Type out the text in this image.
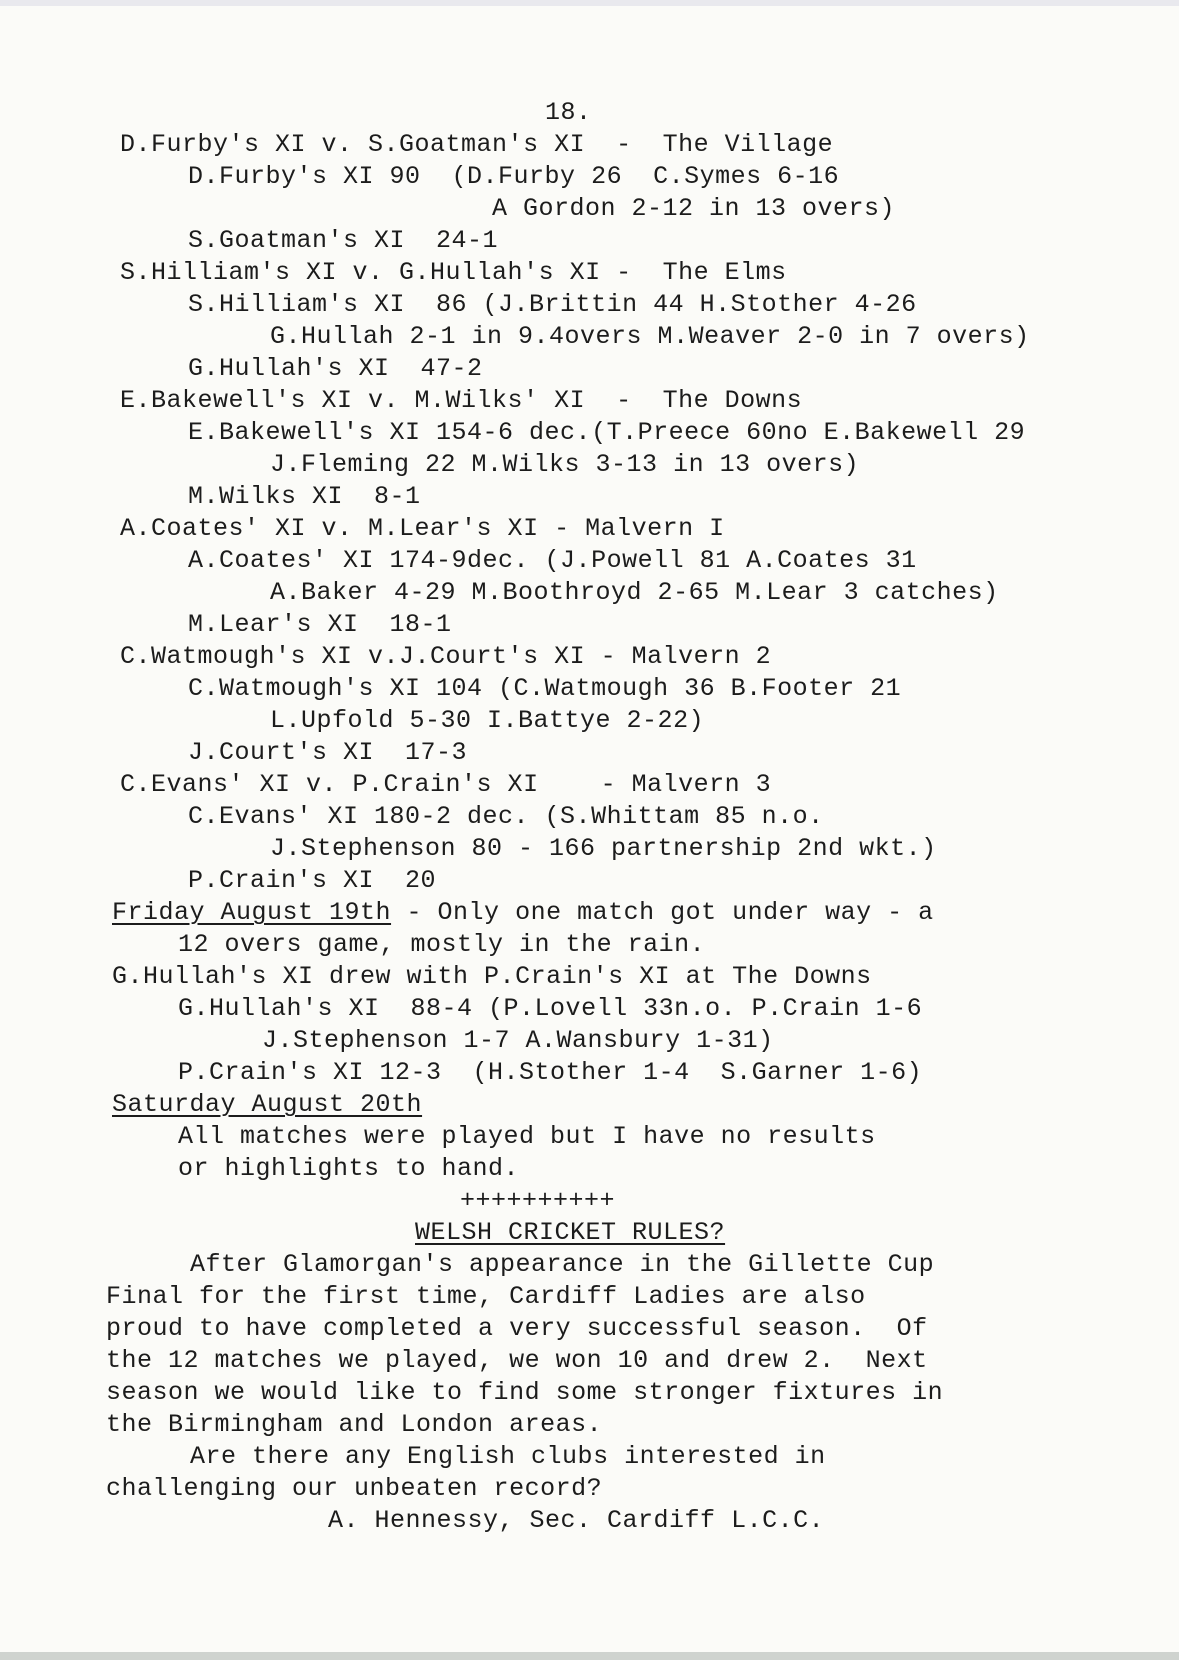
18.
D.Furby's XI v. S.Goatman's XI  -  The Village
D.Furby's XI 90  (D.Furby 26  C.Symes 6-16
A Gordon 2-12 in 13 overs)
S.Goatman's XI  24-1
S.Hilliam's XI v. G.Hullah's XI -  The Elms
S.Hilliam's XI  86 (J.Brittin 44 H.Stother 4-26
G.Hullah 2-1 in 9.4overs M.Weaver 2-0 in 7 overs)
G.Hullah's XI  47-2
E.Bakewell's XI v. M.Wilks' XI  -  The Downs
E.Bakewell's XI 154-6 dec.(T.Preece 60no E.Bakewell 29
J.Fleming 22 M.Wilks 3-13 in 13 overs)
M.Wilks XI  8-1
A.Coates' XI v. M.Lear's XI - Malvern I
A.Coates' XI 174-9dec. (J.Powell 81 A.Coates 31
A.Baker 4-29 M.Boothroyd 2-65 M.Lear 3 catches)
M.Lear's XI  18-1
C.Watmough's XI v.J.Court's XI - Malvern 2
C.Watmough's XI 104 (C.Watmough 36 B.Footer 21
L.Upfold 5-30 I.Battye 2-22)
J.Court's XI  17-3
C.Evans' XI v. P.Crain's XI    - Malvern 3
C.Evans' XI 180-2 dec. (S.Whittam 85 n.o.
J.Stephenson 80 - 166 partnership 2nd wkt.)
P.Crain's XI  20
Friday August 19th - Only one match got under way - a
12 overs game, mostly in the rain.
G.Hullah's XI drew with P.Crain's XI at The Downs
G.Hullah's XI  88-4 (P.Lovell 33n.o. P.Crain 1-6
J.Stephenson 1-7 A.Wansbury 1-31)
P.Crain's XI 12-3  (H.Stother 1-4  S.Garner 1-6)
Saturday August 20th
All matches were played but I have no results
or highlights to hand.
++++++++++
WELSH CRICKET RULES?
After Glamorgan's appearance in the Gillette Cup
Final for the first time, Cardiff Ladies are also
proud to have completed a very successful season.  Of
the 12 matches we played, we won 10 and drew 2.  Next
season we would like to find some stronger fixtures in
the Birmingham and London areas.
Are there any English clubs interested in
challenging our unbeaten record?
A. Hennessy, Sec. Cardiff L.C.C.
